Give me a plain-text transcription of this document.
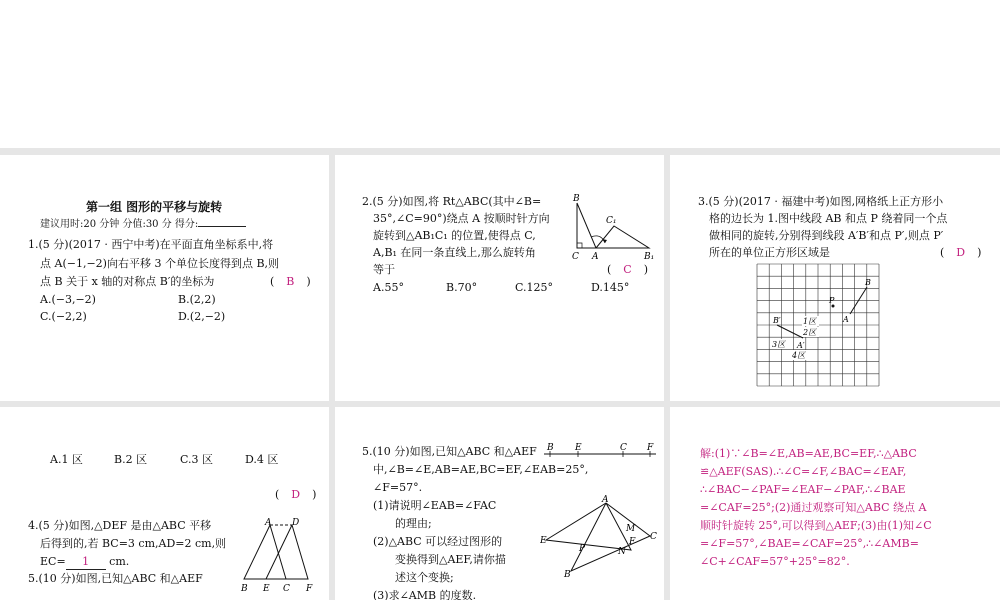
第一组 图形的平移与旋转
建议用时:20 分钟 分值:30 分 得分:
1.(5 分)(2017 · 西宁中考)在平面直角坐标系中,将
点 A(−1,−2)向右平移 3 个单位长度得到点 B,则
点 B 关于 x 轴的对称点 B′的坐标为	( B )
A.(−3,−2)	B.(2,2)
C.(−2,2)	D.(2,−2)
2.(5 分)如图,将 Rt△ABC(其中∠B=
35°,∠C=90°)绕点 A 按顺时针方向
旋转到△AB₁C₁ 的位置,使得点 C,
A,B₁ 在同一条直线上,那么旋转角
等于	( C )
A.55°	B.70°	C.125°	D.145°
B
C₁
C A	B₁
3.(5 分)(2017 · 福建中考)如图,网格纸上正方形小
格的边长为 1.图中线段 AB 和点 P 绕着同一个点
做相同的旋转,分别得到线段 A′B′和点 P′,则点 P′
所在的单位正方形区域是	( D )
B
P
A
B′	1区
2区
3区 A′
4区
A.1 区	B.2 区	C.3 区	D.4 区
( D )
4.(5 分)如图,△DEF 是由△ABC 平移
后得到的,若 BC=3 cm,AD=2 cm,则
EC= 1 cm.
5.(10 分)如图,已知△ABC 和△AEF
A D
B E C F
5.(10 分)如图,已知△ABC 和△AEF
中,∠B=∠E,AB=AE,BC=EF,∠EAB=25°,
∠F=57°.
(1)请说明∠EAB=∠FAC
的理由;
(2)△ABC 可以经过图形的
变换得到△AEF,请你描
述这个变换;
(3)求∠AMB 的度数.
B E	C F
A
E
M
C
P	N
F
B
解:(1)∵∠B=∠E,AB=AE,BC=EF,∴△ABC
≌△AEF(SAS).∴∠C=∠F,∠BAC=∠EAF,
∴∠BAC−∠PAF=∠EAF−∠PAF,∴∠BAE
=∠CAF=25°;(2)通过观察可知△ABC 绕点 A
顺时针旋转 25°,可以得到△AEF;(3)由(1)知∠C
=∠F=57°,∠BAE=∠CAF=25°,∴∠AMB=
∠C+∠CAF=57°+25°=82°.
